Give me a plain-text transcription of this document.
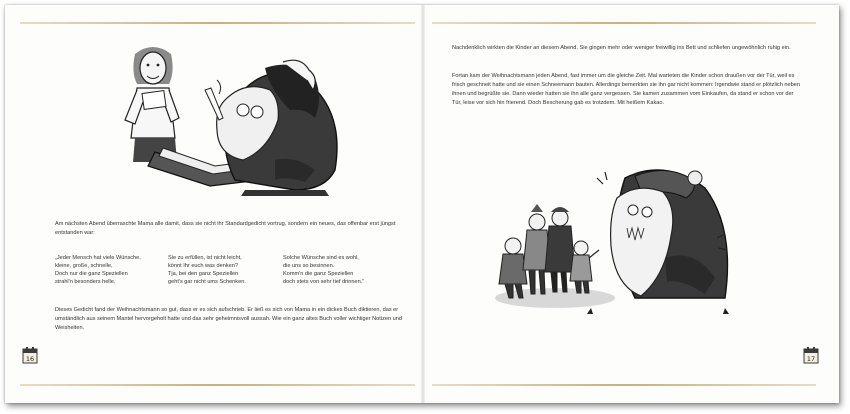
Am nächsten Abend überraschte Mama alle damit, dass sie nicht ihr Standardgedicht vortrug, sondern ein neues, das offenbar erst jüngst entstanden war:
„Jeder Mensch hat viele Wünsche,
kleine, große, schnelle,
Doch nur die ganz Speziellen
strahl'n besonders helle.
Sie zu erfüllen, ist nicht leicht,
könnt Ihr euch was denken?
Tja, bei den ganz Speziellen
geht's gar nicht ums Schenken.
Solche Wünsche sind es wohl,
die uns so besinnen.
Komm'n die ganz Speziellen
doch stets von sehr tief drinnen.“
Dieses Gedicht fand der Weihnachtsmann so gut, dass er es sich aufschrieb. Er ließ es sich von Mama in ein dickes Buch diktieren, das er umständlich aus seinem Mantel hervorgeholt hatte und das sehr geheimnisvoll aussah. Wie ein ganz altes Buch voller wichtiger Notizen und Weisheiten.
16
Nachdenklich wirkten die Kinder an diesem Abend. Sie gingen mehr oder weniger freiwillig ins Bett und schliefen ungewöhnlich ruhig ein.
Fortan kam der Weihnachtsmann jeden Abend, fast immer um die gleiche Zeit. Mal warteten die Kinder schon draußen vor der Tür, weil es frisch geschneit hatte und sie einen Schneemann bauten. Allerdings bemerkten sie ihn gar nicht kommen: Irgendwie stand er plötzlich neben ihnen und begrüßte sie. Dann wieder hatten sie ihn alle ganz vergessen. Sie kamen zusammen vom Einkaufen, da stand er schon vor der Tür, leise vor sich hin frierend. Doch Bescherung gab es trotzdem. Mit heißem Kakao.
17
